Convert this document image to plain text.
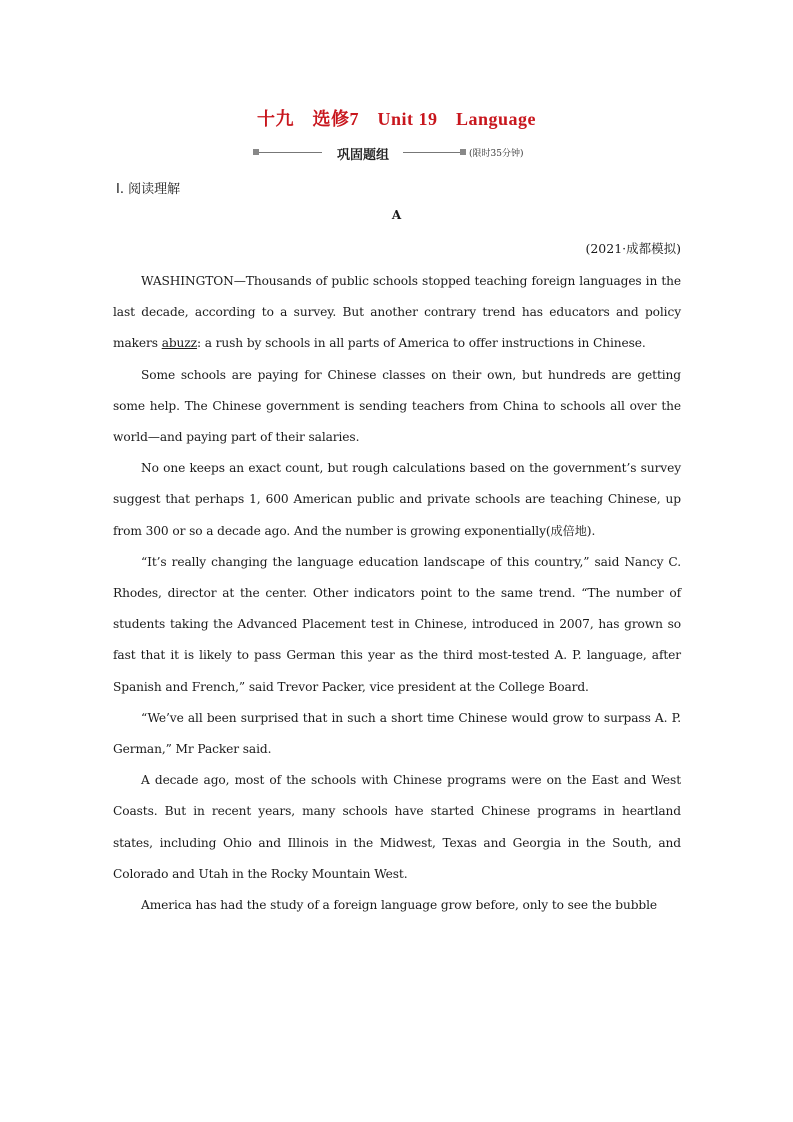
十九　选修7　Unit 19　Language
巩固题组	(限时35分钟)
Ⅰ. 阅读理解
A
(2021·成都模拟)

WASHINGTON—Thousands of public schools stopped teaching foreign languages in the last decade, according to a survey. But another contrary trend has educators and policy makers abuzz: a rush by schools in all parts of America to offer instructions in Chinese.

Some schools are paying for Chinese classes on their own, but hundreds are getting some help. The Chinese government is sending teachers from China to schools all over the world—and paying part of their salaries.

No one keeps an exact count, but rough calculations based on the government’s survey suggest that perhaps 1, 600 American public and private schools are teaching Chinese, up from 300 or so a decade ago. And the number is growing exponentially(成倍地).

“It’s really changing the language education landscape of this country,” said Nancy C. Rhodes, director at the center. Other indicators point to the same trend. “The number of students taking the Advanced Placement test in Chinese, introduced in 2007, has grown so fast that it is likely to pass German this year as the third most-tested A. P. language, after Spanish and French,” said Trevor Packer, vice president at the College Board.

“We’ve all been surprised that in such a short time Chinese would grow to surpass A. P. German,” Mr Packer said.

A decade ago, most of the schools with Chinese programs were on the East and West Coasts. But in recent years, many schools have started Chinese programs in heartland states, including Ohio and Illinois in the Midwest, Texas and Georgia in the South, and Colorado and Utah in the Rocky Mountain West.

America has had the study of a foreign language grow before, only to see the bubble
